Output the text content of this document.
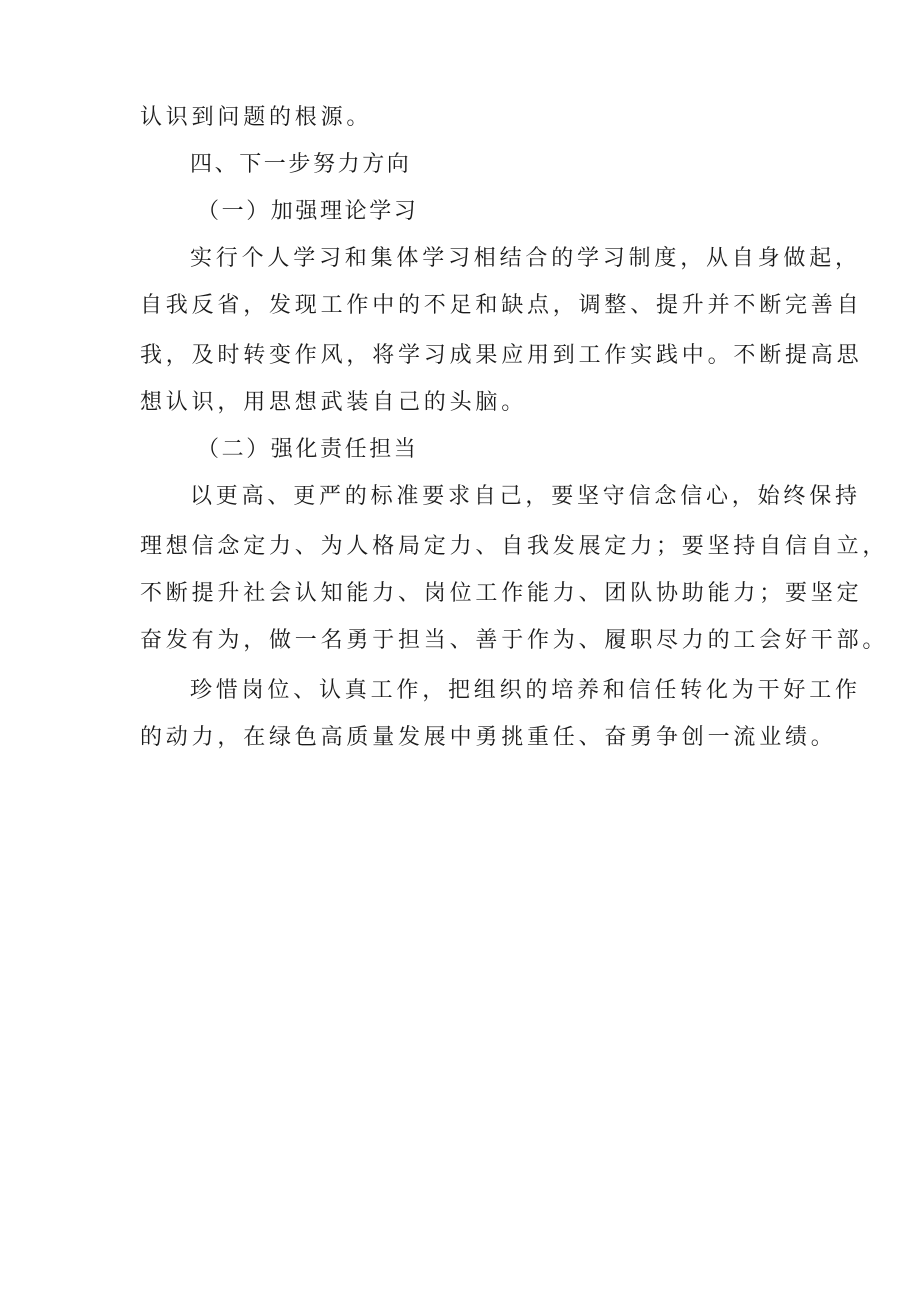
认识到问题的根源。
四、下一步努力方向
（一）加强理论学习
实行个人学习和集体学习相结合的学习制度，从自身做起，
自我反省，发现工作中的不足和缺点，调整、提升并不断完善自
我，及时转变作风，将学习成果应用到工作实践中。不断提高思
想认识，用思想武装自己的头脑。
（二）强化责任担当
以更高、更严的标准要求自己，要坚守信念信心，始终保持
理想信念定力、为人格局定力、自我发展定力；要坚持自信自立，
不断提升社会认知能力、岗位工作能力、团队协助能力；要坚定
奋发有为，做一名勇于担当、善于作为、履职尽力的工会好干部。
珍惜岗位、认真工作，把组织的培养和信任转化为干好工作
的动力，在绿色高质量发展中勇挑重任、奋勇争创一流业绩。
